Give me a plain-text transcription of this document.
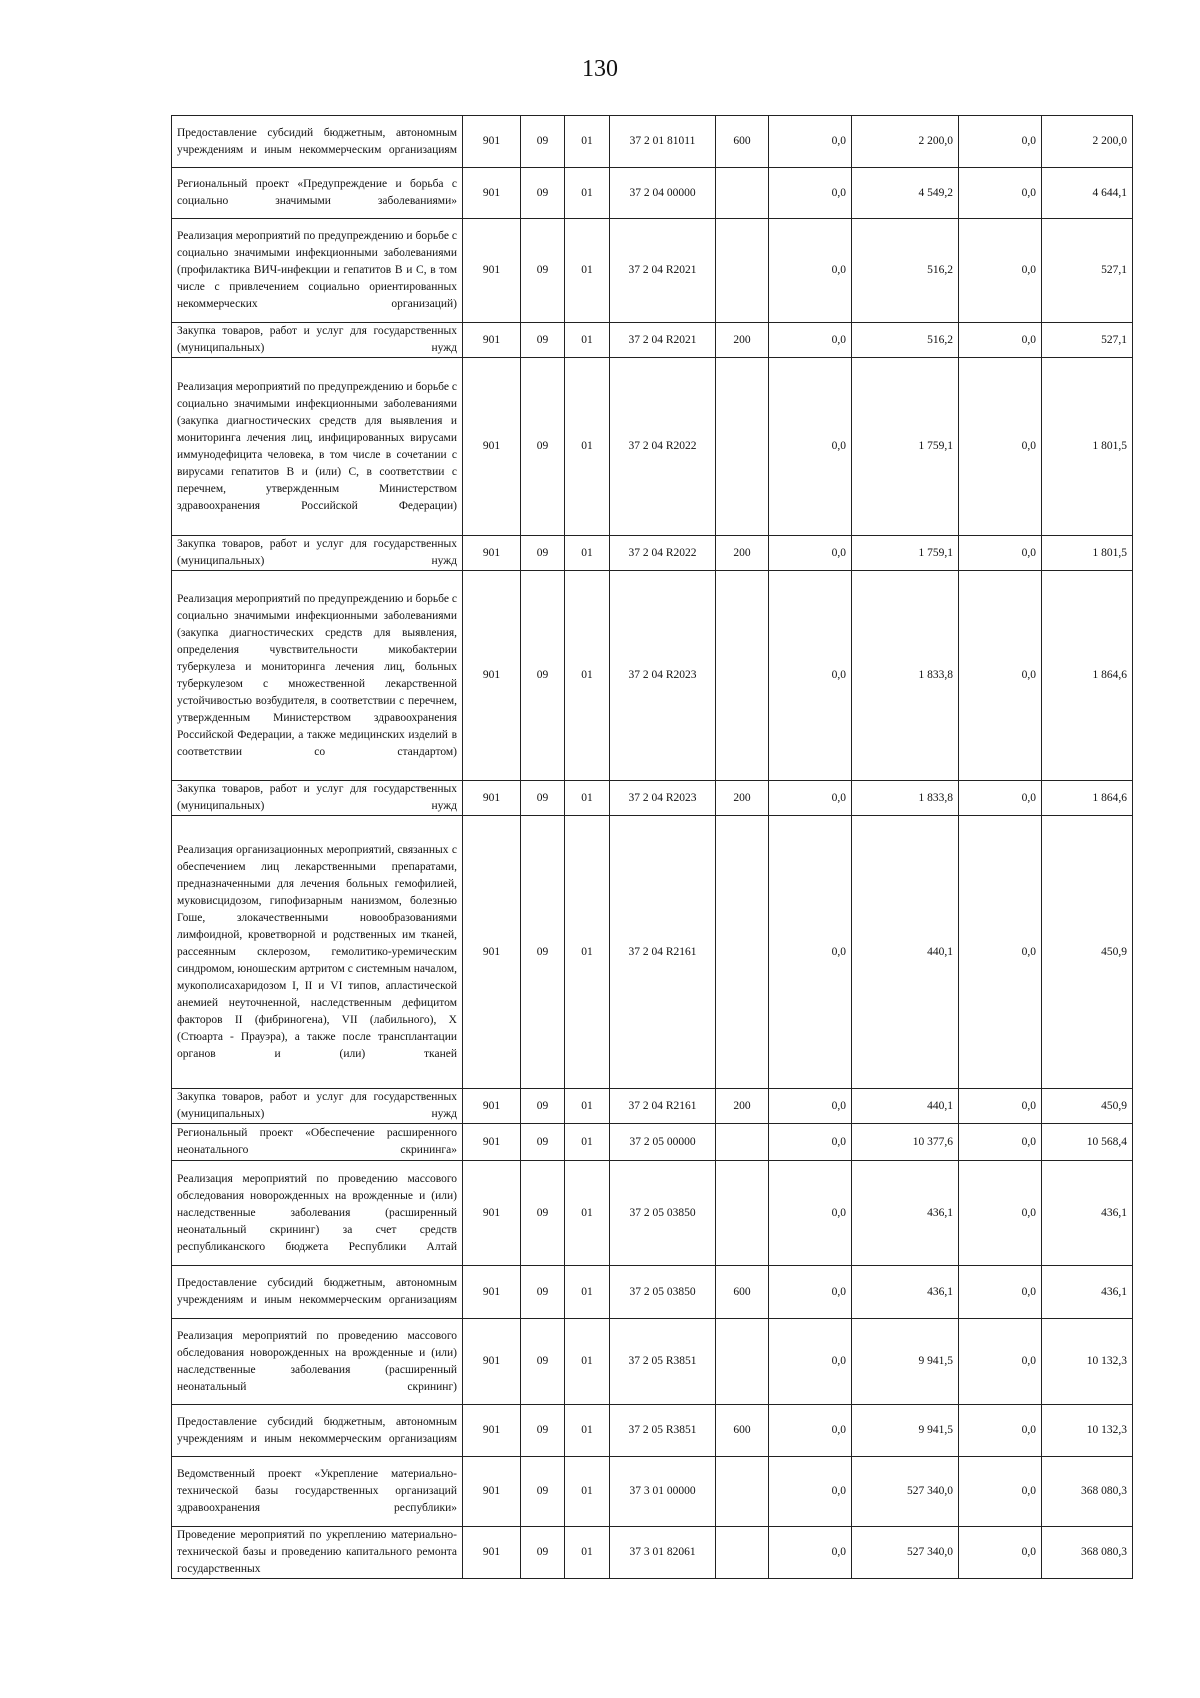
130
Предоставление субсидий бюджетным, автономным учреждениям и иным некоммерческим организациям	901	09	01	37 2 01 81011	600	0,0	2 200,0	0,0	2 200,0
Региональный проект «Предупреждение и борьба с социально значимыми заболеваниями»	901	09	01	37 2 04 00000		0,0	4 549,2	0,0	4 644,1
Реализация мероприятий по предупреждению и борьбе с социально значимыми инфекционными заболеваниями (профилактика ВИЧ-инфекции и гепатитов В и С, в том числе с привлечением социально ориентированных некоммерческих организаций)	901	09	01	37 2 04 R2021		0,0	516,2	0,0	527,1
Закупка товаров, работ и услуг для государственных (муниципальных) нужд	901	09	01	37 2 04 R2021	200	0,0	516,2	0,0	527,1
Реализация мероприятий по предупреждению и борьбе с социально значимыми инфекционными заболеваниями (закупка диагностических средств для выявления и мониторинга лечения лиц, инфицированных вирусами иммунодефицита человека, в том числе в сочетании с вирусами гепатитов В и (или) С, в соответствии с перечнем, утвержденным Министерством здравоохранения Российской Федерации)	901	09	01	37 2 04 R2022		0,0	1 759,1	0,0	1 801,5
Закупка товаров, работ и услуг для государственных (муниципальных) нужд	901	09	01	37 2 04 R2022	200	0,0	1 759,1	0,0	1 801,5
Реализация мероприятий по предупреждению и борьбе с социально значимыми инфекционными заболеваниями (закупка диагностических средств для выявления, определения чувствительности микобактерии туберкулеза и мониторинга лечения лиц, больных туберкулезом с множественной лекарственной устойчивостью возбудителя, в соответствии с перечнем, утвержденным Министерством здравоохранения Российской Федерации, а также медицинских изделий в соответствии со стандартом)	901	09	01	37 2 04 R2023		0,0	1 833,8	0,0	1 864,6
Закупка товаров, работ и услуг для государственных (муниципальных) нужд	901	09	01	37 2 04 R2023	200	0,0	1 833,8	0,0	1 864,6
Реализация организационных мероприятий, связанных с обеспечением лиц лекарственными препаратами, предназначенными для лечения больных гемофилией, муковисцидозом, гипофизарным нанизмом, болезнью Гоше, злокачественными новообразованиями лимфоидной, кроветворной и родственных им тканей, рассеянным склерозом, гемолитико-уремическим синдромом, юношеским артритом с системным началом, мукополисахаридозом I, II и VI типов, апластической анемией неуточненной, наследственным дефицитом факторов II (фибриногена), VII (лабильного), X (Стюарта - Прауэра), а также после трансплантации органов и (или) тканей	901	09	01	37 2 04 R2161		0,0	440,1	0,0	450,9
Закупка товаров, работ и услуг для государственных (муниципальных) нужд	901	09	01	37 2 04 R2161	200	0,0	440,1	0,0	450,9
Региональный проект «Обеспечение расширенного неонатального скрининга»	901	09	01	37 2 05 00000		0,0	10 377,6	0,0	10 568,4
Реализация мероприятий по проведению массового обследования новорожденных на врожденные и (или) наследственные заболевания (расширенный неонатальный скрининг) за счет средств республиканского бюджета Республики Алтай	901	09	01	37 2 05 03850		0,0	436,1	0,0	436,1
Предоставление субсидий бюджетным, автономным учреждениям и иным некоммерческим организациям	901	09	01	37 2 05 03850	600	0,0	436,1	0,0	436,1
Реализация мероприятий по проведению массового обследования новорожденных на врожденные и (или) наследственные заболевания (расширенный неонатальный скрининг)	901	09	01	37 2 05 R3851		0,0	9 941,5	0,0	10 132,3
Предоставление субсидий бюджетным, автономным учреждениям и иным некоммерческим организациям	901	09	01	37 2 05 R3851	600	0,0	9 941,5	0,0	10 132,3
Ведомственный проект «Укрепление материально-технической базы государственных организаций здравоохранения республики»	901	09	01	37 3 01 00000		0,0	527 340,0	0,0	368 080,3
Проведение мероприятий по укреплению материально-технической базы и проведению капитального ремонта государственных	901	09	01	37 3 01 82061		0,0	527 340,0	0,0	368 080,3
